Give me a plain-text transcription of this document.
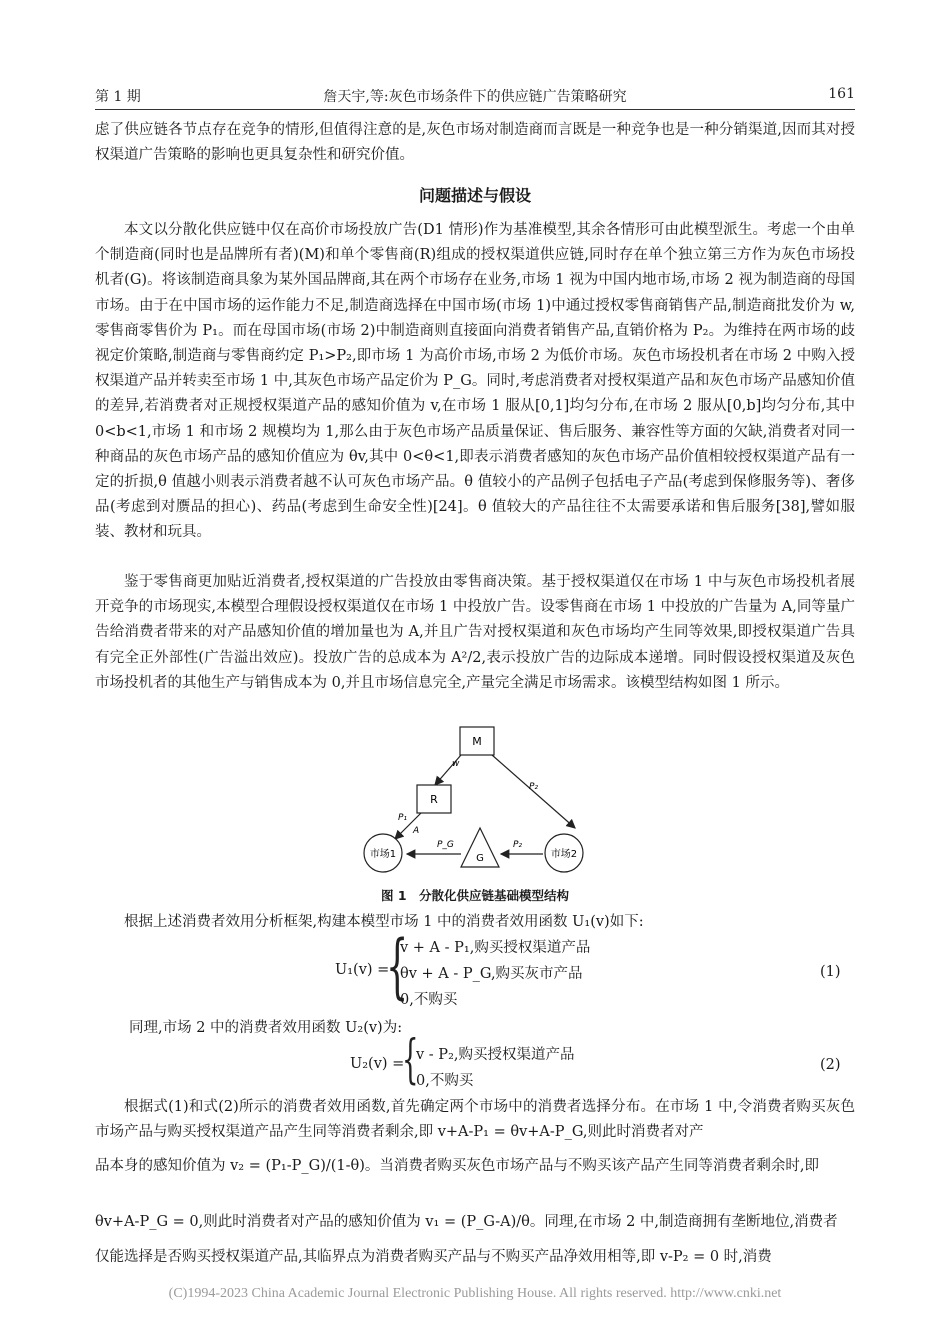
第 1 期	詹天宇,等:灰色市场条件下的供应链广告策略研究	161

虑了供应链各节点存在竞争的情形,但值得注意的是,灰色市场对制造商而言既是一种竞争也是一种分销渠道,因而其对授权渠道广告策略的影响也更具复杂性和研究价值。

问题描述与假设

本文以分散化供应链中仅在高价市场投放广告(D1 情形)作为基准模型,其余各情形可由此模型派生。考虑一个由单个制造商(同时也是品牌所有者)(M)和单个零售商(R)组成的授权渠道供应链,同时存在单个独立第三方作为灰色市场投机者(G)。将该制造商具象为某外国品牌商,其在两个市场存在业务,市场 1 视为中国内地市场,市场 2 视为制造商的母国市场。由于在中国市场的运作能力不足,制造商选择在中国市场(市场 1)中通过授权零售商销售产品,制造商批发价为 w,零售商零售价为 P₁。而在母国市场(市场 2)中制造商则直接面向消费者销售产品,直销价格为 P₂。为维持在两市场的歧视定价策略,制造商与零售商约定 P₁>P₂,即市场 1 为高价市场,市场 2 为低价市场。灰色市场投机者在市场 2 中购入授权渠道产品并转卖至市场 1 中,其灰色市场产品定价为 P_G。同时,考虑消费者对授权渠道产品和灰色市场产品感知价值的差异,若消费者对正规授权渠道产品的感知价值为 v,在市场 1 服从[0,1]均匀分布,在市场 2 服从[0,b]均匀分布,其中 0<b<1,市场 1 和市场 2 规模均为 1,那么由于灰色市场产品质量保证、售后服务、兼容性等方面的欠缺,消费者对同一种商品的灰色市场产品的感知价值应为 θv,其中 0<θ<1,即表示消费者感知的灰色市场产品价值相较授权渠道产品有一定的折损,θ 值越小则表示消费者越不认可灰色市场产品。θ 值较小的产品例子包括电子产品(考虑到保修服务等)、奢侈品(考虑到对赝品的担心)、药品(考虑到生命安全性)[24]。θ 值较大的产品往往不太需要承诺和售后服务[38],譬如服装、教材和玩具。

鉴于零售商更加贴近消费者,授权渠道的广告投放由零售商决策。基于授权渠道仅在市场 1 中与灰色市场投机者展开竞争的市场现实,本模型合理假设授权渠道仅在市场 1 中投放广告。设零售商在市场 1 中投放的广告量为 A,同等量广告给消费者带来的对产品感知价值的增加量也为 A,并且广告对授权渠道和灰色市场均产生同等效果,即授权渠道广告具有完全正外部性(广告溢出效应)。投放广告的总成本为 A²/2,表示投放广告的边际成本递增。同时假设授权渠道及灰色市场投机者的其他生产与销售成本为 0,并且市场信息完全,产量完全满足市场需求。该模型结构如图 1 所示。

M
R
市场1	市场2
G
w
P₂
P₁
A
P_G	P₂
图 1　分散化供应链基础模型结构

根据上述消费者效用分析框架,构建本模型市场 1 中的消费者效用函数 U₁(v)如下:

U₁(v) =
{
v + A - P₁,购买授权渠道产品
θv + A - P_G,购买灰市产品
0,不购买
(1)

同理,市场 2 中的消费者效用函数 U₂(v)为:

U₂(v) =
{
v - P₂,购买授权渠道产品
0,不购买
(2)

根据式(1)和式(2)所示的消费者效用函数,首先确定两个市场中的消费者选择分布。在市场 1 中,令消费者购买灰色市场产品与购买授权渠道产品产生同等消费者剩余,即 v+A-P₁ = θv+A-P_G,则此时消费者对产

品本身的感知价值为 v₂ = (P₁-P_G)/(1-θ)。当消费者购买灰色市场产品与不购买该产品产生同等消费者剩余时,即

θv+A-P_G = 0,则此时消费者对产品的感知价值为 v₁ = (P_G-A)/θ。同理,在市场 2 中,制造商拥有垄断地位,消费者

仅能选择是否购买授权渠道产品,其临界点为消费者购买产品与不购买产品净效用相等,即 v-P₂ = 0 时,消费

(C)1994-2023 China Academic Journal Electronic Publishing House. All rights reserved. http://www.cnki.net
